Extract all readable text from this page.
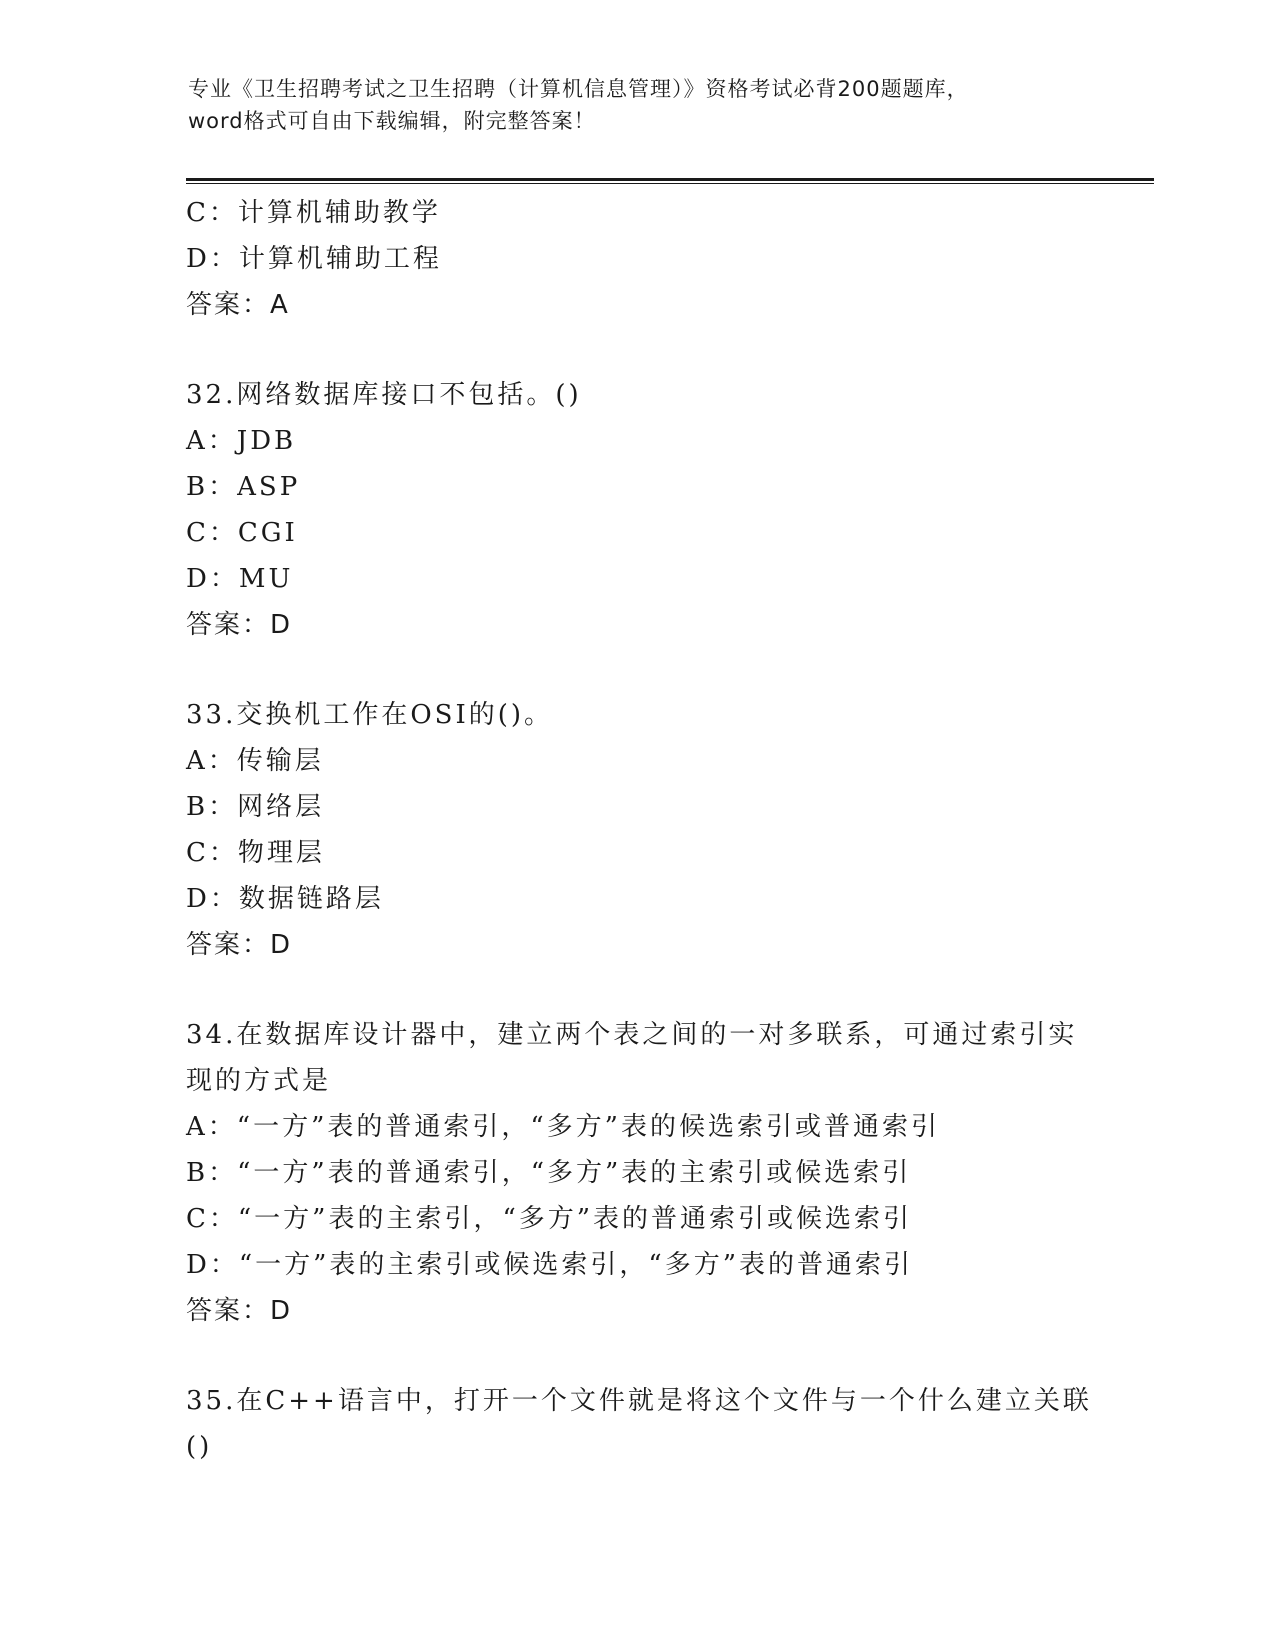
专业《卫生招聘考试之卫生招聘（计算机信息管理）》资格考试必背200题题库，
word格式可自由下载编辑，附完整答案！
C：计算机辅助教学
D：计算机辅助工程
答案：A
32.网络数据库接口不包括。()
A：JDB
B：ASP
C：CGI
D：MU
答案：D
33.交换机工作在OSI的()。
A：传输层
B：网络层
C：物理层
D：数据链路层
答案：D
34.在数据库设计器中，建立两个表之间的一对多联系，可通过索引实
现的方式是
A：“一方”表的普通索引，“多方”表的候选索引或普通索引
B：“一方”表的普通索引，“多方”表的主索引或候选索引
C：“一方”表的主索引，“多方”表的普通索引或候选索引
D：“一方”表的主索引或候选索引，“多方”表的普通索引
答案：D
35.在C++语言中，打开一个文件就是将这个文件与一个什么建立关联
()
